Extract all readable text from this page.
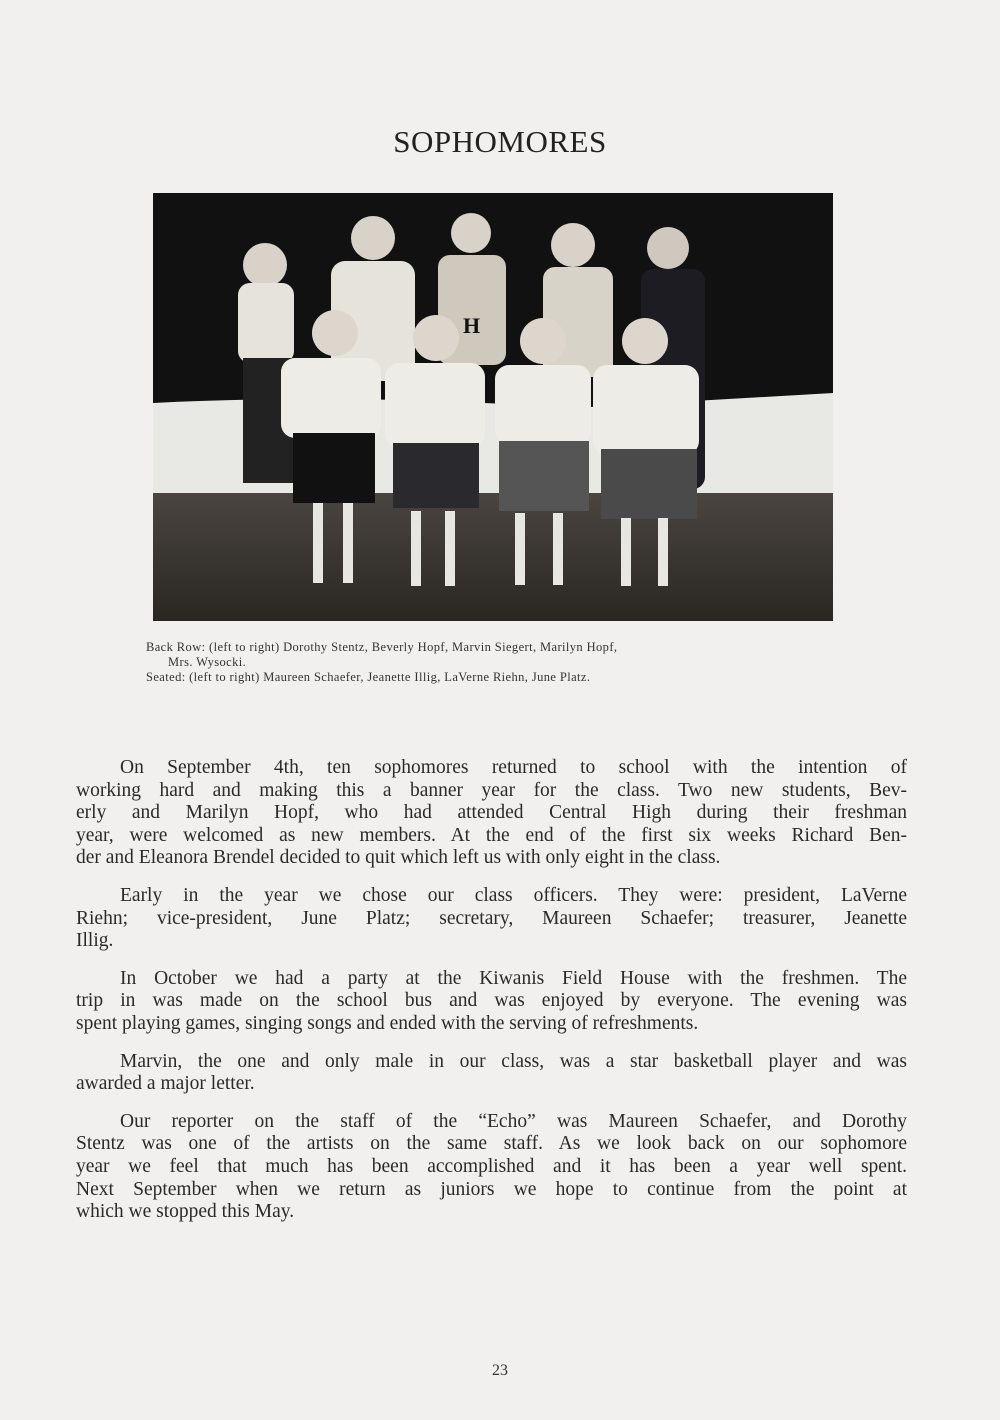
SOPHOMORES
H
Back Row: (left to right) Dorothy Stentz, Beverly Hopf, Marvin Siegert, Marilyn Hopf,

Mrs. Wysocki.
Seated: (left to right) Maureen Schaefer, Jeanette Illig, LaVerne Riehn, June Platz.
On September 4th, ten sophomores returned to school with the intention of
working hard and making this a banner year for the class. Two new students, Bev-
erly and Marilyn Hopf, who had attended Central High during their freshman
year, were welcomed as new members. At the end of the first six weeks Richard Ben-
der and Eleanora Brendel decided to quit which left us with only eight in the class.
Early in the year we chose our class officers. They were: president, LaVerne
Riehn; vice-president, June Platz; secretary, Maureen Schaefer; treasurer, Jeanette
Illig.
In October we had a party at the Kiwanis Field House with the freshmen. The
trip in was made on the school bus and was enjoyed by everyone. The evening was
spent playing games, singing songs and ended with the serving of refreshments.
Marvin, the one and only male in our class, was a star basketball player and was
awarded a major letter.
Our reporter on the staff of the “Echo” was Maureen Schaefer, and Dorothy
Stentz was one of the artists on the same staff. As we look back on our sophomore
year we feel that much has been accomplished and it has been a year well spent.
Next September when we return as juniors we hope to continue from the point at
which we stopped this May.
23
